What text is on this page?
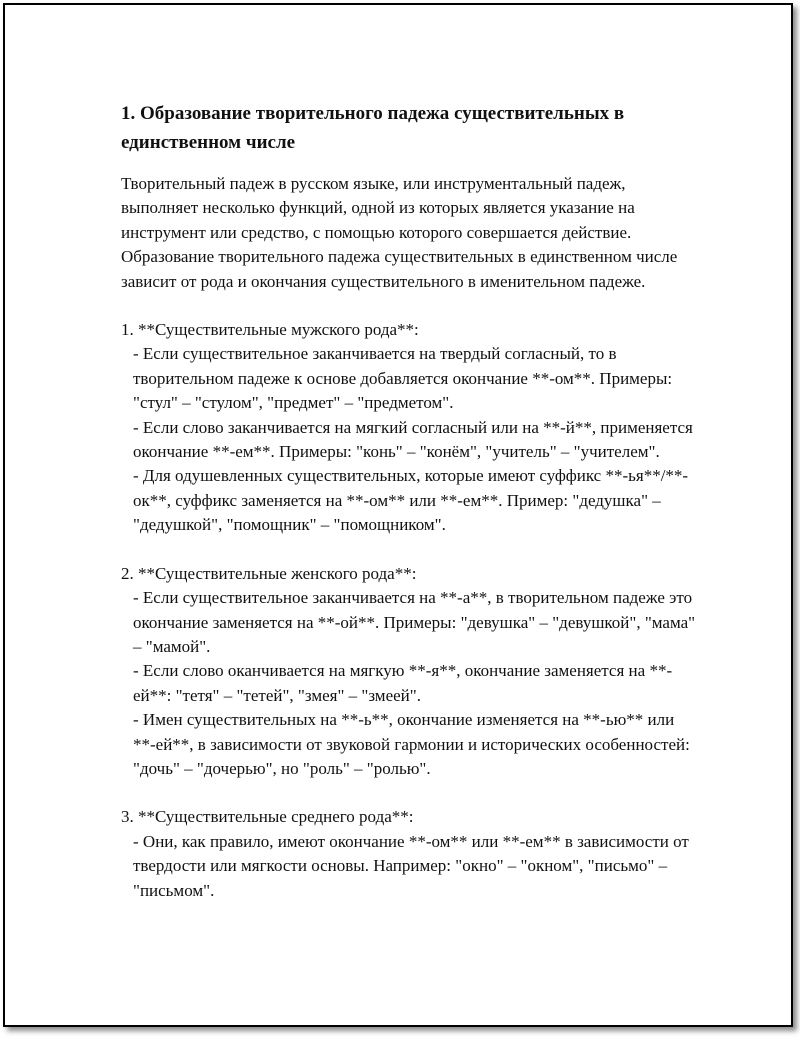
1. Образование творительного падежа существительных в единственном числе

Творительный падеж в русском языке, или инструментальный падеж, выполняет несколько функций, одной из которых является указание на инструмент или средство, с помощью которого совершается действие. Образование творительного падежа существительных в единственном числе зависит от рода и окончания существительного в именительном падеже.

1. **Существительные мужского рода**:

- Если существительное заканчивается на твердый согласный, то в творительном падеже к основе добавляется окончание **-ом**. Примеры: "стул" – "стулом", "предмет" – "предметом".

- Если слово заканчивается на мягкий согласный или на **-й**, применяется окончание **-ем**. Примеры: "конь" – "конём", "учитель" – "учителем".

- Для одушевленных существительных, которые имеют суффикс **-ья**/**-ок**, суффикс заменяется на **-ом** или **-ем**. Пример: "дедушка" – "дедушкой", "помощник" – "помощником".

2. **Существительные женского рода**:

- Если существительное заканчивается на **-а**, в творительном падеже это окончание заменяется на **-ой**. Примеры: "девушка" – "девушкой", "мама" – "мамой".

- Если слово оканчивается на мягкую **-я**, окончание заменяется на **-ей**: "тетя" – "тетей", "змея" – "змеей".

- Имен существительных на **-ь**, окончание изменяется на **-ью** или **-ей**, в зависимости от звуковой гармонии и исторических особенностей: "дочь" – "дочерью", но "роль" – "ролью".

3. **Существительные среднего рода**:

- Они, как правило, имеют окончание **-ом** или **-ем** в зависимости от твердости или мягкости основы. Например: "окно" – "окном", "письмо" – "письмом".
